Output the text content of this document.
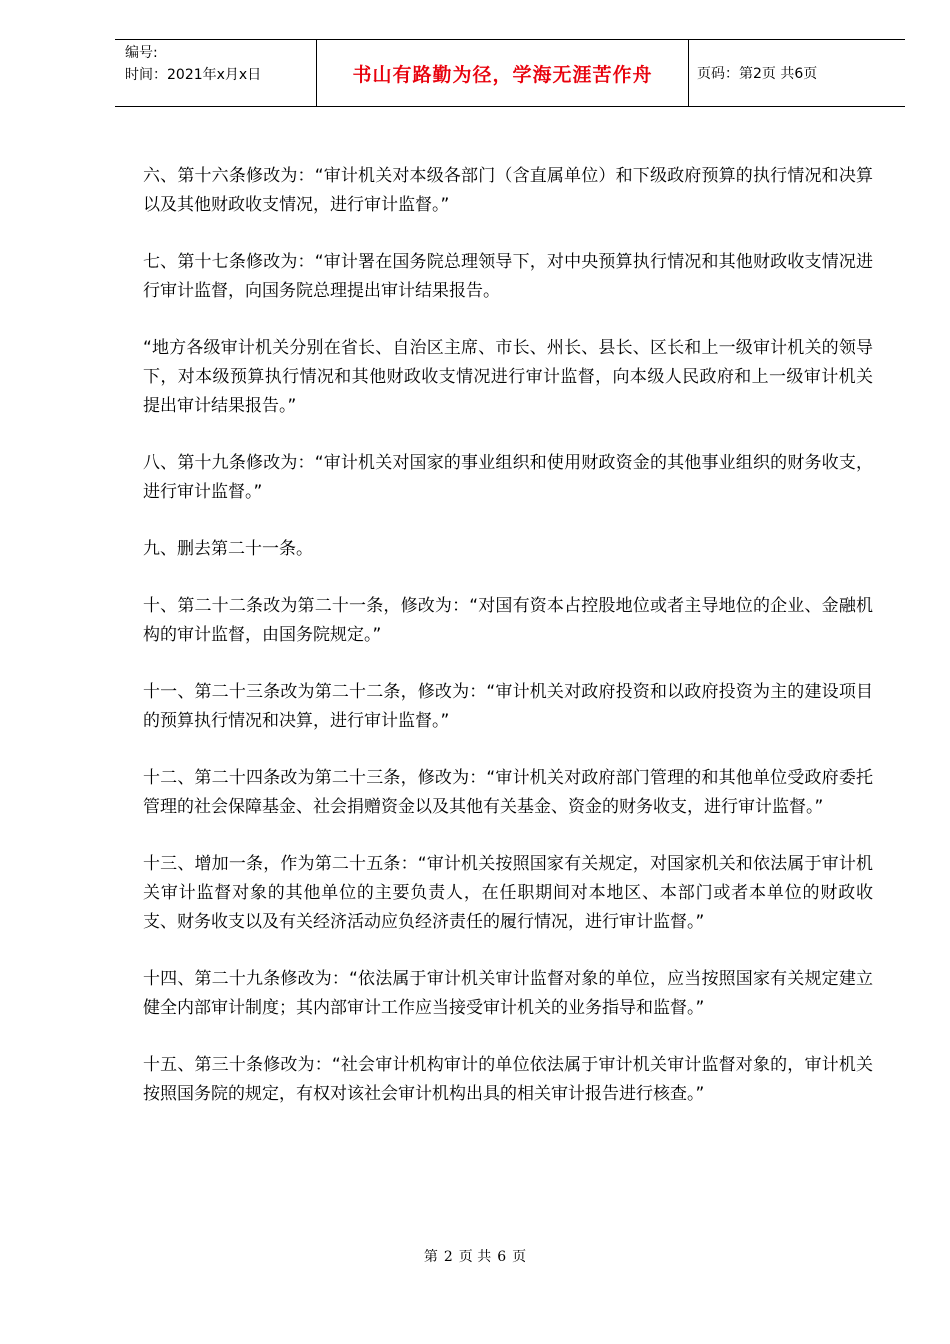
编号:
时间：2021年x月x日	书山有路勤为径，学海无涯苦作舟	页码：第2页 共6页

六、第十六条修改为：“审计机关对本级各部门（含直属单位）和下级政府预算的执行情况和决算以及其他财政收支情况，进行审计监督。”

七、第十七条修改为：“审计署在国务院总理领导下，对中央预算执行情况和其他财政收支情况进行审计监督，向国务院总理提出审计结果报告。

“地方各级审计机关分别在省长、自治区主席、市长、州长、县长、区长和上一级审计机关的领导下，对本级预算执行情况和其他财政收支情况进行审计监督，向本级人民政府和上一级审计机关提出审计结果报告。”

八、第十九条修改为：“审计机关对国家的事业组织和使用财政资金的其他事业组织的财务收支，进行审计监督。”

九、删去第二十一条。

十、第二十二条改为第二十一条，修改为：“对国有资本占控股地位或者主导地位的企业、金融机构的审计监督，由国务院规定。”

十一、第二十三条改为第二十二条，修改为：“审计机关对政府投资和以政府投资为主的建设项目的预算执行情况和决算，进行审计监督。”

十二、第二十四条改为第二十三条，修改为：“审计机关对政府部门管理的和其他单位受政府委托管理的社会保障基金、社会捐赠资金以及其他有关基金、资金的财务收支，进行审计监督。”

十三、增加一条，作为第二十五条：“审计机关按照国家有关规定，对国家机关和依法属于审计机关审计监督对象的其他单位的主要负责人，在任职期间对本地区、本部门或者本单位的财政收支、财务收支以及有关经济活动应负经济责任的履行情况，进行审计监督。”

十四、第二十九条修改为：“依法属于审计机关审计监督对象的单位，应当按照国家有关规定建立健全内部审计制度；其内部审计工作应当接受审计机关的业务指导和监督。”

十五、第三十条修改为：“社会审计机构审计的单位依法属于审计机关审计监督对象的，审计机关按照国务院的规定，有权对该社会审计机构出具的相关审计报告进行核查。”

第 2 页 共 6 页
